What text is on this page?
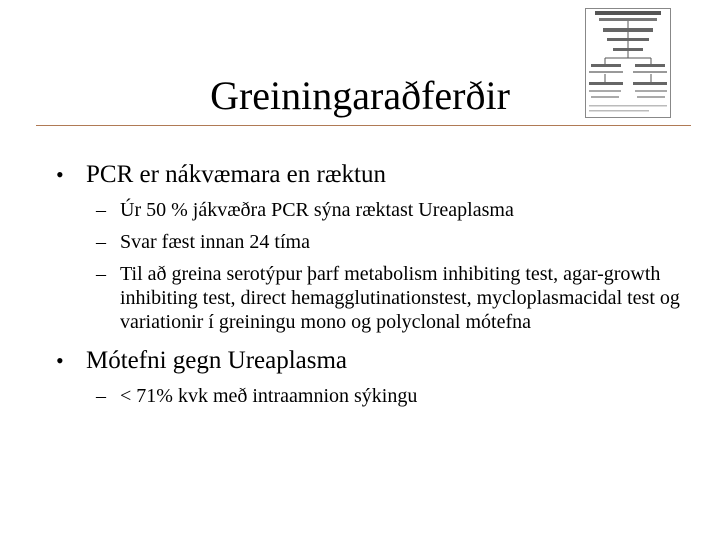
Greiningaraðferðir
• PCR er nákvæmara en ræktun
– Úr 50 % jákvæðra PCR sýna ræktast Ureaplasma
– Svar fæst innan 24 tíma
– Til að greina serotýpur þarf metabolism inhibiting test, agar-growth inhibiting test, direct hemagglutinationstest, mycloplasmacidal test og variationir í greiningu mono og polyclonal mótefna
• Mótefni gegn Ureaplasma
– < 71% kvk með intraamnion sýkingu
